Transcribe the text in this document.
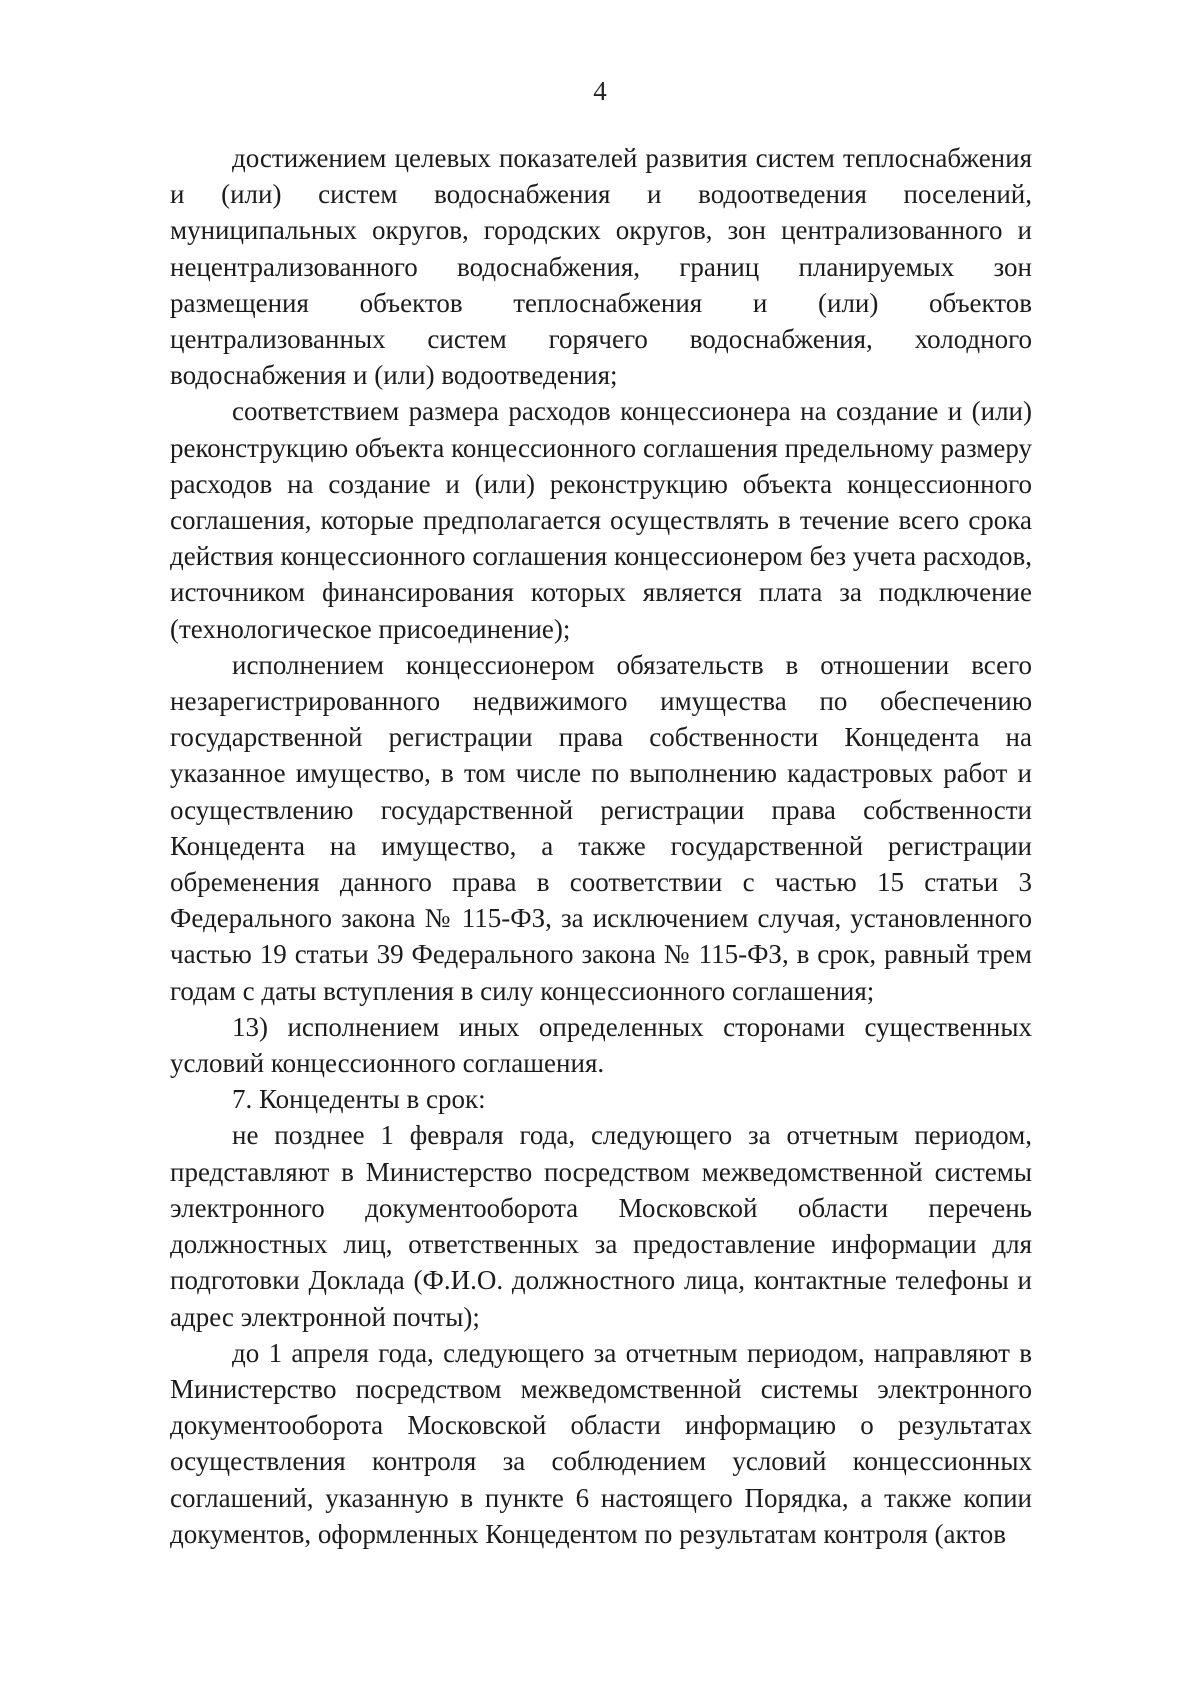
4

достижением целевых показателей развития систем теплоснабжения и (или) систем водоснабжения и водоотведения поселений, муниципальных округов, городских округов, зон централизованного и нецентрализованного водоснабжения, границ планируемых зон размещения объектов теплоснабжения и (или) объектов централизованных систем горячего водоснабжения, холодного водоснабжения и (или) водоотведения;

соответствием размера расходов концессионера на создание и (или) реконструкцию объекта концессионного соглашения предельному размеру расходов на создание и (или) реконструкцию объекта концессионного соглашения, которые предполагается осуществлять в течение всего срока действия концессионного соглашения концессионером без учета расходов, источником финансирования которых является плата за подключение (технологическое присоединение);

исполнением концессионером обязательств в отношении всего незарегистрированного недвижимого имущества по обеспечению государственной регистрации права собственности Концедента на указанное имущество, в том числе по выполнению кадастровых работ и осуществлению государственной регистрации права собственности Концедента на имущество, а также государственной регистрации обременения данного права в соответствии с частью 15 статьи 3 Федерального закона № 115-ФЗ, за исключением случая, установленного частью 19 статьи 39 Федерального закона № 115-ФЗ, в срок, равный трем годам с даты вступления в силу концессионного соглашения;

13) исполнением иных определенных сторонами существенных условий концессионного соглашения.

7. Концеденты в срок:

не позднее 1 февраля года, следующего за отчетным периодом, представляют в Министерство посредством межведомственной системы электронного документооборота Московской области перечень должностных лиц, ответственных за предоставление информации для подготовки Доклада (Ф.И.О. должностного лица, контактные телефоны и адрес электронной почты);

до 1 апреля года, следующего за отчетным периодом, направляют в Министерство посредством межведомственной системы электронного документооборота Московской области информацию о результатах осуществления контроля за соблюдением условий концессионных соглашений, указанную в пункте 6 настоящего Порядка, а также копии документов, оформленных Концедентом по результатам контроля (актов
